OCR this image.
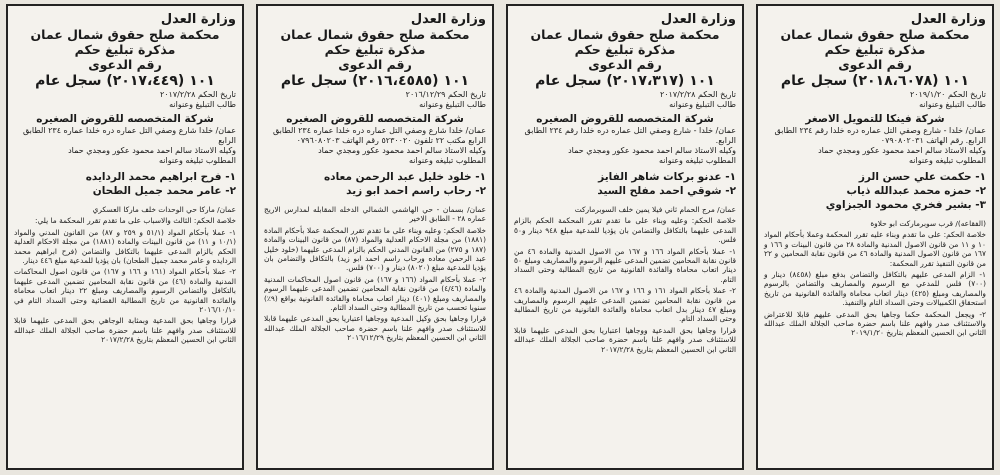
وزارة العدل
محكمة صلح حقوق شمال عمان
مذكرة تبليغ حكم
رقم الدعوى
١٠١ (٢٠١٨،٦٠٧٨) سجل عام
تاريخ الحكم ٢٠١٩/١/٢٠
طالب التبليغ وعنوانه
شركة فينكا للتمويل الاصغر
عمان/ خلدا - شارع وصفي التل عماره دره خلدا رقم ٢٣٤ الطابق الرابع. رقم الهاتف ٠٧٩٠٨٠٢٠٣١
وكيله الاستاذ سالم احمد محمود عكور ومجدي حماد
المطلوب تبليغه وعنوانه
١- حكمت علي حسن الرز
٢- حمزه محمد عبدالله ذياب
٣- بشير فخري محمود الجبزاوي
(الفقاعه)/ قرب سوبرماركت ابو حلاوة
خلاصة الحكم: على ما تقدم وبناء عليه تقرر المحكمة وعملا بأحكام المواد ١٠ و ١١ من قانون الاصول المدنية والمادة ٢٨ من قانون البينات و ١٦٦ و ١٦٧ من قانون الاصول المدنية والمادة ٤٦ من قانون نقابة المحامين و ٢٢ من قانون التنفيذ تقرر المحكمة:
١- الزام المدعى عليهم بالتكافل والتضامن بدفع مبلغ (٨٤٥٨) دينار و (٧٠٠) فلس للمدعي مع الرسوم والمصاريف والتضامن بالرسوم والمصاريف ومبلغ (٤٢٥) دينار اتعاب محاماة والفائدة القانونية من تاريخ استحقاق الكمبيالات وحتى السداد التام والتنفيذ.
٢- ويجعل المحكمة حكما وجاهيا بحق المدعى عليهم قابلا للاعتراض والاستئناف صدر وافهم علنا باسم حضرة صاحب الجلالة الملك عبدالله الثاني ابن الحسين المعظم بتاريخ ٢٠١٩/١/٢٠
وزارة العدل
محكمة صلح حقوق شمال عمان
مذكرة تبليغ حكم
رقم الدعوى
١٠١ (٢٠١٧،٣١٧) سجل عام
تاريخ الحكم ٢٠١٧/٢/٢٨
طالب التبليغ وعنوانه
شركة المتخصصه للقروض الصغيره
عمان/ خلدا - شارع وصفي التل عماره دره خلدا رقم ٢٣٤ الطابق الرابع.
وكيله الاستاذ سالم احمد محمود عكور ومجدي حماد
المطلوب تبليغه وعنوانه
١- عدنو بركات شاهر الفايز
٢- شوقي احمد مفلح السيد
عمان/ مرج الحمام ثاني فيلا يمين خلف السوبرماركت
خلاصة الحكم: وعليه وبناء على ما تقدم تقرر المحكمة الحكم بالزام المدعى عليهما بالتكافل والتضامن بان يؤديا للمدعية مبلغ ٩٤٨ دينار و٥٠ فلس.
١- عملا بأحكام المواد ١٦٦ و ١٦٧ من الاصول المدنية والمادة ٤٦ من قانون نقابة المحامين تضمين المدعى عليهم الرسوم والمصاريف ومبلغ ٥٠ دينار اتعاب محاماة والفائدة القانونية من تاريخ المطالبة وحتى السداد التام.
٢- عملا بأحكام المواد ١٦١ و ١٦٦ و ١٦٧ من الاصول المدنية والمادة ٤٦ من قانون نقابة المحامين تضمين المدعى عليهم الرسوم والمصاريف ومبلغ ٤٧ دينار بدل اتعاب محاماة والفائدة القانونية من تاريخ المطالبة وحتى السداد التام.
قرارا وجاهيا بحق المدعية ووجاهيا اعتباريا بحق المدعى عليهما قابلا للاستئناف صدر وافهم علنا باسم حضرة صاحب الجلالة الملك عبدالله الثاني ابن الحسين المعظم بتاريخ ٢٠١٧/٢/٢٨
وزارة العدل
محكمة صلح حقوق شمال عمان
مذكرة تبليغ حكم
رقم الدعوى
١٠١ (٢٠١٦،٤٥٨٥) سجل عام
تاريخ الحكم ٢٠١٦/١٢/٢٩
طالب التبليغ وعنوانه
شركة المتخصصه للقروض الصغيره
عمان/ خلدا شارع وصفي التل عماره دره خلدا عماره ٢٣٤ الطابق الرابع مكتب ٢٢ تلفون ٥٢٣٠٠٢٠ رقم الهاتف ٠٧٩٦٠٨٠٢٠٣
وكيله الاستاذ سالم احمد محمود عكور ومجدي حماد
المطلوب تبليغه وعنوانه
١- خلود خليل عبد الرحمن معاده
٢- رحاب راسم احمد ابو زيد
عمان/ بسمان - حي الهاشمي الشمالي الدخله المقابله لمدارس الاريج عماره ٢٨ - الطابق الاخير
خلاصة الحكم: وعليه وبناء على ما تقدم تقرر المحكمة عملا بأحكام المادة (١٨٨١) من مجلة الاحكام العدلية والمواد (٨٧) من قانون البينات والمادة (١٨٧ و ٢٧٥) من القانون المدني الحكم بالزام المدعى عليهما (خلود خليل عبد الرحمن معاده ورحاب راسم احمد ابو زيد) بالتكافل والتضامن بان يؤديا للمدعية مبلغ (٨٠٢٠) دينار و (٧٠٠) فلس.
٢- عملا بأحكام المواد (١٦٦ و ١٦٧) من قانون اصول المحاكمات المدنية والمادة (٤/٤٦) من قانون نقابة المحامين تضمين المدعى عليهما الرسوم والمصاريف ومبلغ (٤٠١) دينار اتعاب محاماة والفائدة القانونية بواقع (٩٪) سنويا تحسب من تاريخ المطالبة وحتى السداد التام.
قرارا وجاهيا بحق وكيل المدعية ووجاهيا اعتباريا بحق المدعى عليهما قابلا للاستئناف صدر وافهم علنا باسم حضرة صاحب الجلالة الملك عبدالله الثاني ابن الحسين المعظم بتاريخ ٢٠١٦/١٢/٢٩
وزارة العدل
محكمة صلح حقوق شمال عمان
مذكرة تبليغ حكم
رقم الدعوى
١٠١ (٢٠١٧،٤٤٩) سجل عام
تاريخ الحكم ٢٠١٧/٢/٢٨
طالب التبليغ وعنوانه
شركة المتخصصه للقروض الصغيره
عمان/ خلدا شارع وصفي التل عماره دره خلدا عماره ٢٣٤ الطابق الرابع
وكيله الاستاذ سالم احمد محمود عكور ومجدي حماد
المطلوب تبليغه وعنوانه
١- فرح ابراهيم محمد الردايده
٢- عامر محمد جميل الطحان
عمان/ ماركا حي الوحدات خلف ماركا العسكري
خلاصة الحكم: الثالث والاسباب على ما تقدم تقرر المحكمة ما يلي:
١- عملا بأحكام المواد (٥١/١ و ٢٥٩ و ٨٧) من القانون المدني والمواد (١٠/١ و ١١) من قانون البينات والمادة (١٨٨١) من مجلة الاحكام العدلية الحكم بالزام المدعى عليهما بالتكافل والتضامن (فرح ابراهيم محمد الردايده و عامر محمد جميل الطحان) بان يؤديا للمدعية مبلغ ٤٤٦ دينار.
٢- عملا بأحكام المواد (١٦١ و ١٦٦ و ١٦٧) من قانون اصول المحاكمات المدنية والمادة (٤٦) من قانون نقابة المحامين تضمين المدعى عليهما بالتكافل والتضامن الرسوم والمصاريف ومبلغ ٢٢ دينار اتعاب محاماة والفائدة القانونية من تاريخ المطالبة القضائية وحتى السداد التام في ٢٠١٦/١٠/١٠
قرارا وجاهيا بحق المدعية وبمثابة الوجاهي بحق المدعى عليهما قابلا للاستئناف صدر وافهم علنا باسم حضرة صاحب الجلالة الملك عبدالله الثاني ابن الحسين المعظم بتاريخ ٢٠١٧/٢/٢٨
